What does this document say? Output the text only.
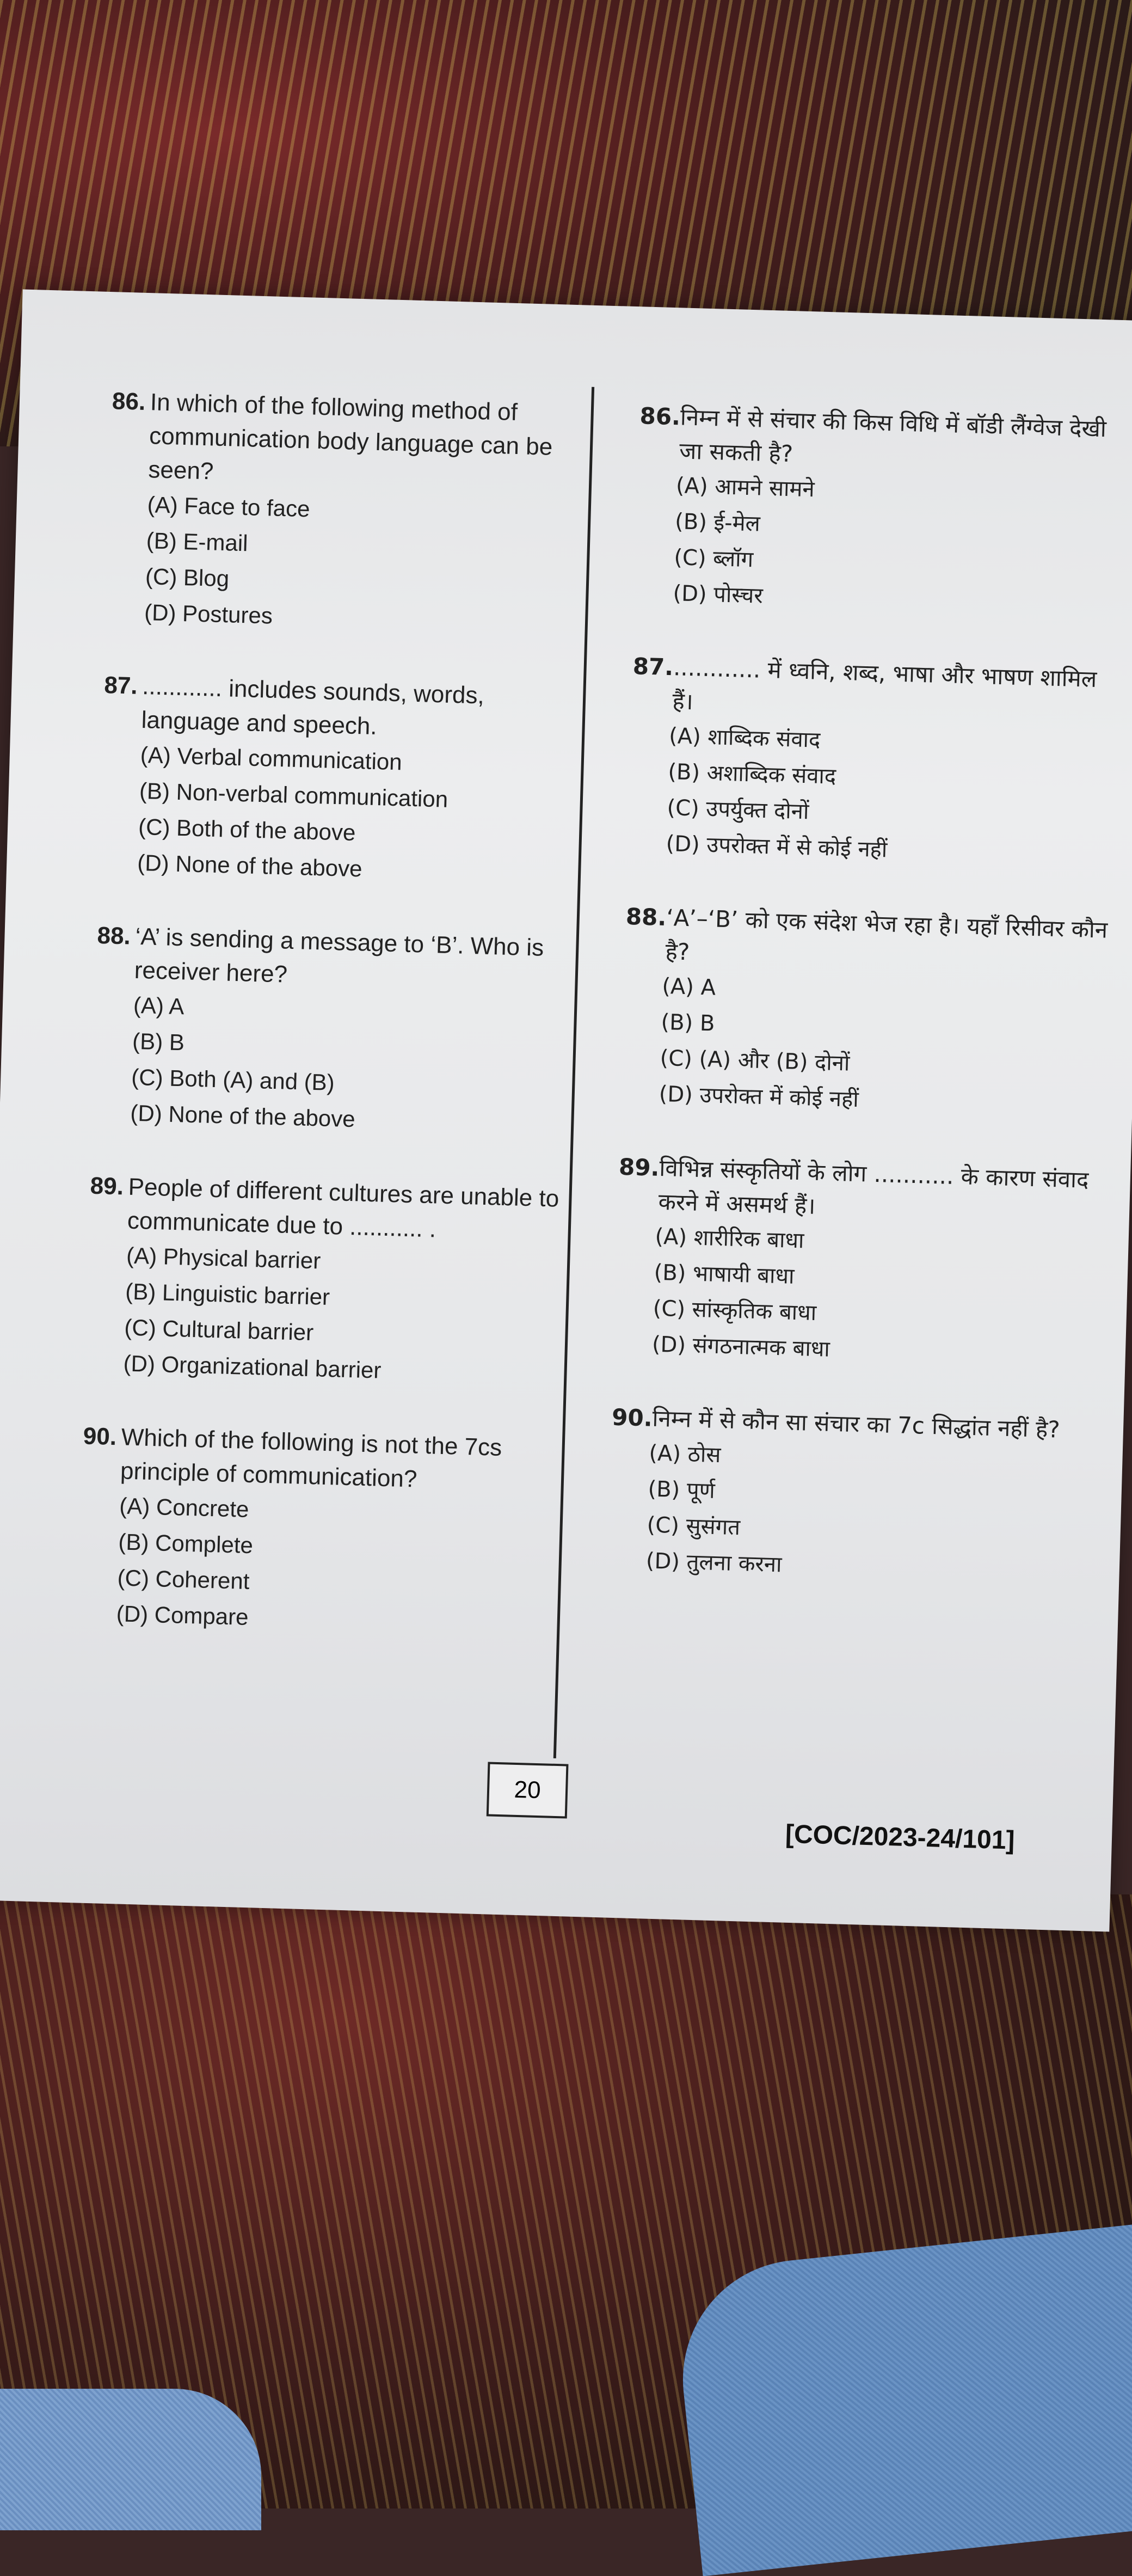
86. In which of the following method of communication body language can be seen?
(A) Face to face
(B) E-mail
(C) Blog
(D) Postures
87. ............ includes sounds, words, language and speech.
(A) Verbal communication
(B) Non-verbal communication
(C) Both of the above
(D) None of the above
88. ‘A’ is sending a message to ‘B’. Who is receiver here?
(A) A
(B) B
(C) Both (A) and (B)
(D) None of the above
89. People of different cultures are unable to communicate due to ........... .
(A) Physical barrier
(B) Linguistic barrier
(C) Cultural barrier
(D) Organizational barrier
90. Which of the following is not the 7cs principle of communication?
(A) Concrete
(B) Complete
(C) Coherent
(D) Compare
86.
निम्न में से संचार की किस विधि में बॉडी लैंग्वेज देखी जा सकती है?
(A) आमने सामने
(B) ई-मेल
(C) ब्लॉग
(D) पोस्चर
87.
............ में ध्वनि, शब्द, भाषा और भाषण शामिल हैं।
(A) शाब्दिक संवाद
(B) अशाब्दिक संवाद
(C) उपर्युक्त दोनों
(D) उपरोक्त में से कोई नहीं
88.
‘A’–‘B’ को एक संदेश भेज रहा है। यहाँ रिसीवर कौन है?
(A) A
(B) B
(C) (A) और (B) दोनों
(D) उपरोक्त में कोई नहीं
89.
विभिन्न संस्कृतियों के लोग ........... के कारण संवाद करने में असमर्थ हैं।
(A) शारीरिक बाधा
(B) भाषायी बाधा
(C) सांस्कृतिक बाधा
(D) संगठनात्मक बाधा
90.
निम्न में से कौन सा संचार का 7c सिद्धांत नहीं है?
(A) ठोस
(B) पूर्ण
(C) सुसंगत
(D) तुलना करना
20
[COC/2023-24/101]
